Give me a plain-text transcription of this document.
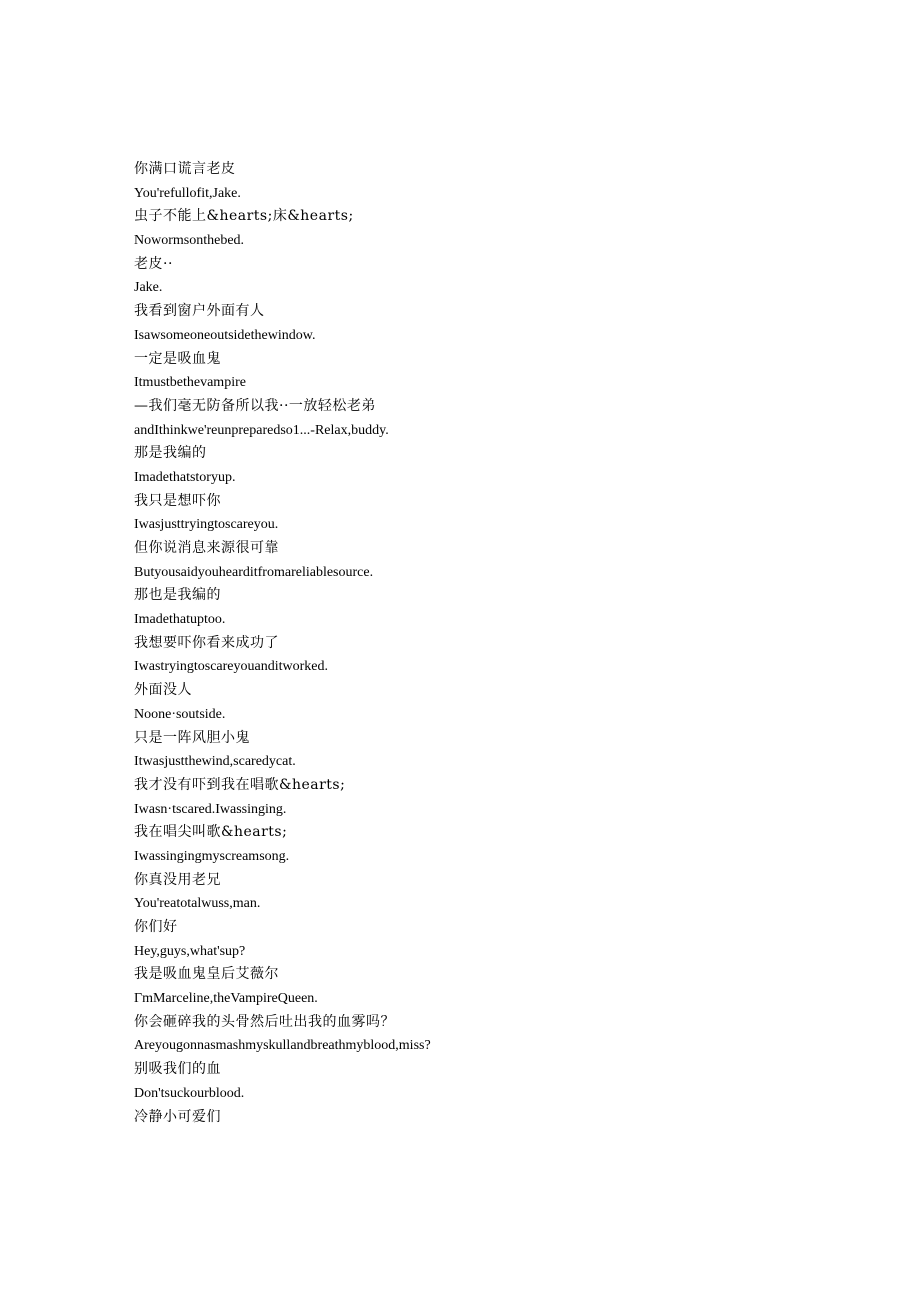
你满口谎言老皮
You'refullofit,Jake.
虫子不能上&hearts;床&hearts;
Nowormsonthebed.
老皮··
Jake.
我看到窗户外面有人
Isawsomeoneoutsidethewindow.
一定是吸血鬼
Itmustbethevampire
—我们毫无防备所以我··一放轻松老弟
andIthinkwe'reunpreparedso1...-Relax,buddy.
那是我编的
Imadethatstoryup.
我只是想吓你
Iwasjusttryingtoscareyou.
但你说消息来源很可靠
Butyousaidyouhearditfromareliablesource.
那也是我编的
Imadethatuptoo.
我想要吓你看来成功了
Iwastryingtoscareyouanditworked.
外面没人
Noone·soutside.
只是一阵风胆小鬼
Itwasjustthewind,scaredycat.
我才没有吓到我在唱歌&hearts;
Iwasn·tscared.Iwassinging.
我在唱尖叫歌&hearts;
Iwassingingmyscreamsong.
你真没用老兄
You'reatotalwuss,man.
你们好
Hey,guys,what'sup?
我是吸血鬼皇后艾薇尔
ΓmMarceline,theVampireQueen.
你会砸碎我的头骨然后吐出我的血雾吗？
Areyougonnasmashmyskullandbreathmyblood,miss?
别吸我们的血
Don'tsuckourblood.
冷静小可爱们
